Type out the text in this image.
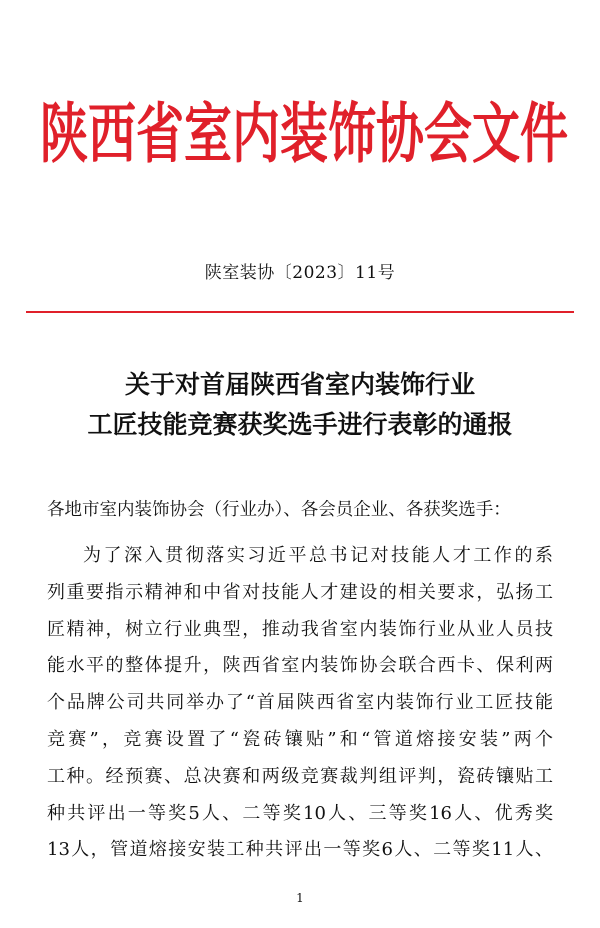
陕西省室内装饰协会文件
陕室装协〔2023〕11号
关于对首届陕西省室内装饰行业
工匠技能竞赛获奖选手进行表彰的通报
各地市室内装饰协会（行业办）、各会员企业、各获奖选手：
为了深入贯彻落实习近平总书记对技能人才工作的系
列重要指示精神和中省对技能人才建设的相关要求，弘扬工
匠精神，树立行业典型，推动我省室内装饰行业从业人员技
能水平的整体提升，陕西省室内装饰协会联合西卡、保利两
个品牌公司共同举办了“首届陕西省室内装饰行业工匠技能
竞赛”，竞赛设置了“瓷砖镶贴”和“管道熔接安装”两个
工种。经预赛、总决赛和两级竞赛裁判组评判，瓷砖镶贴工
种共评出一等奖5人、二等奖10人、三等奖16人、优秀奖
13人，管道熔接安装工种共评出一等奖6人、二等奖11人、
1
